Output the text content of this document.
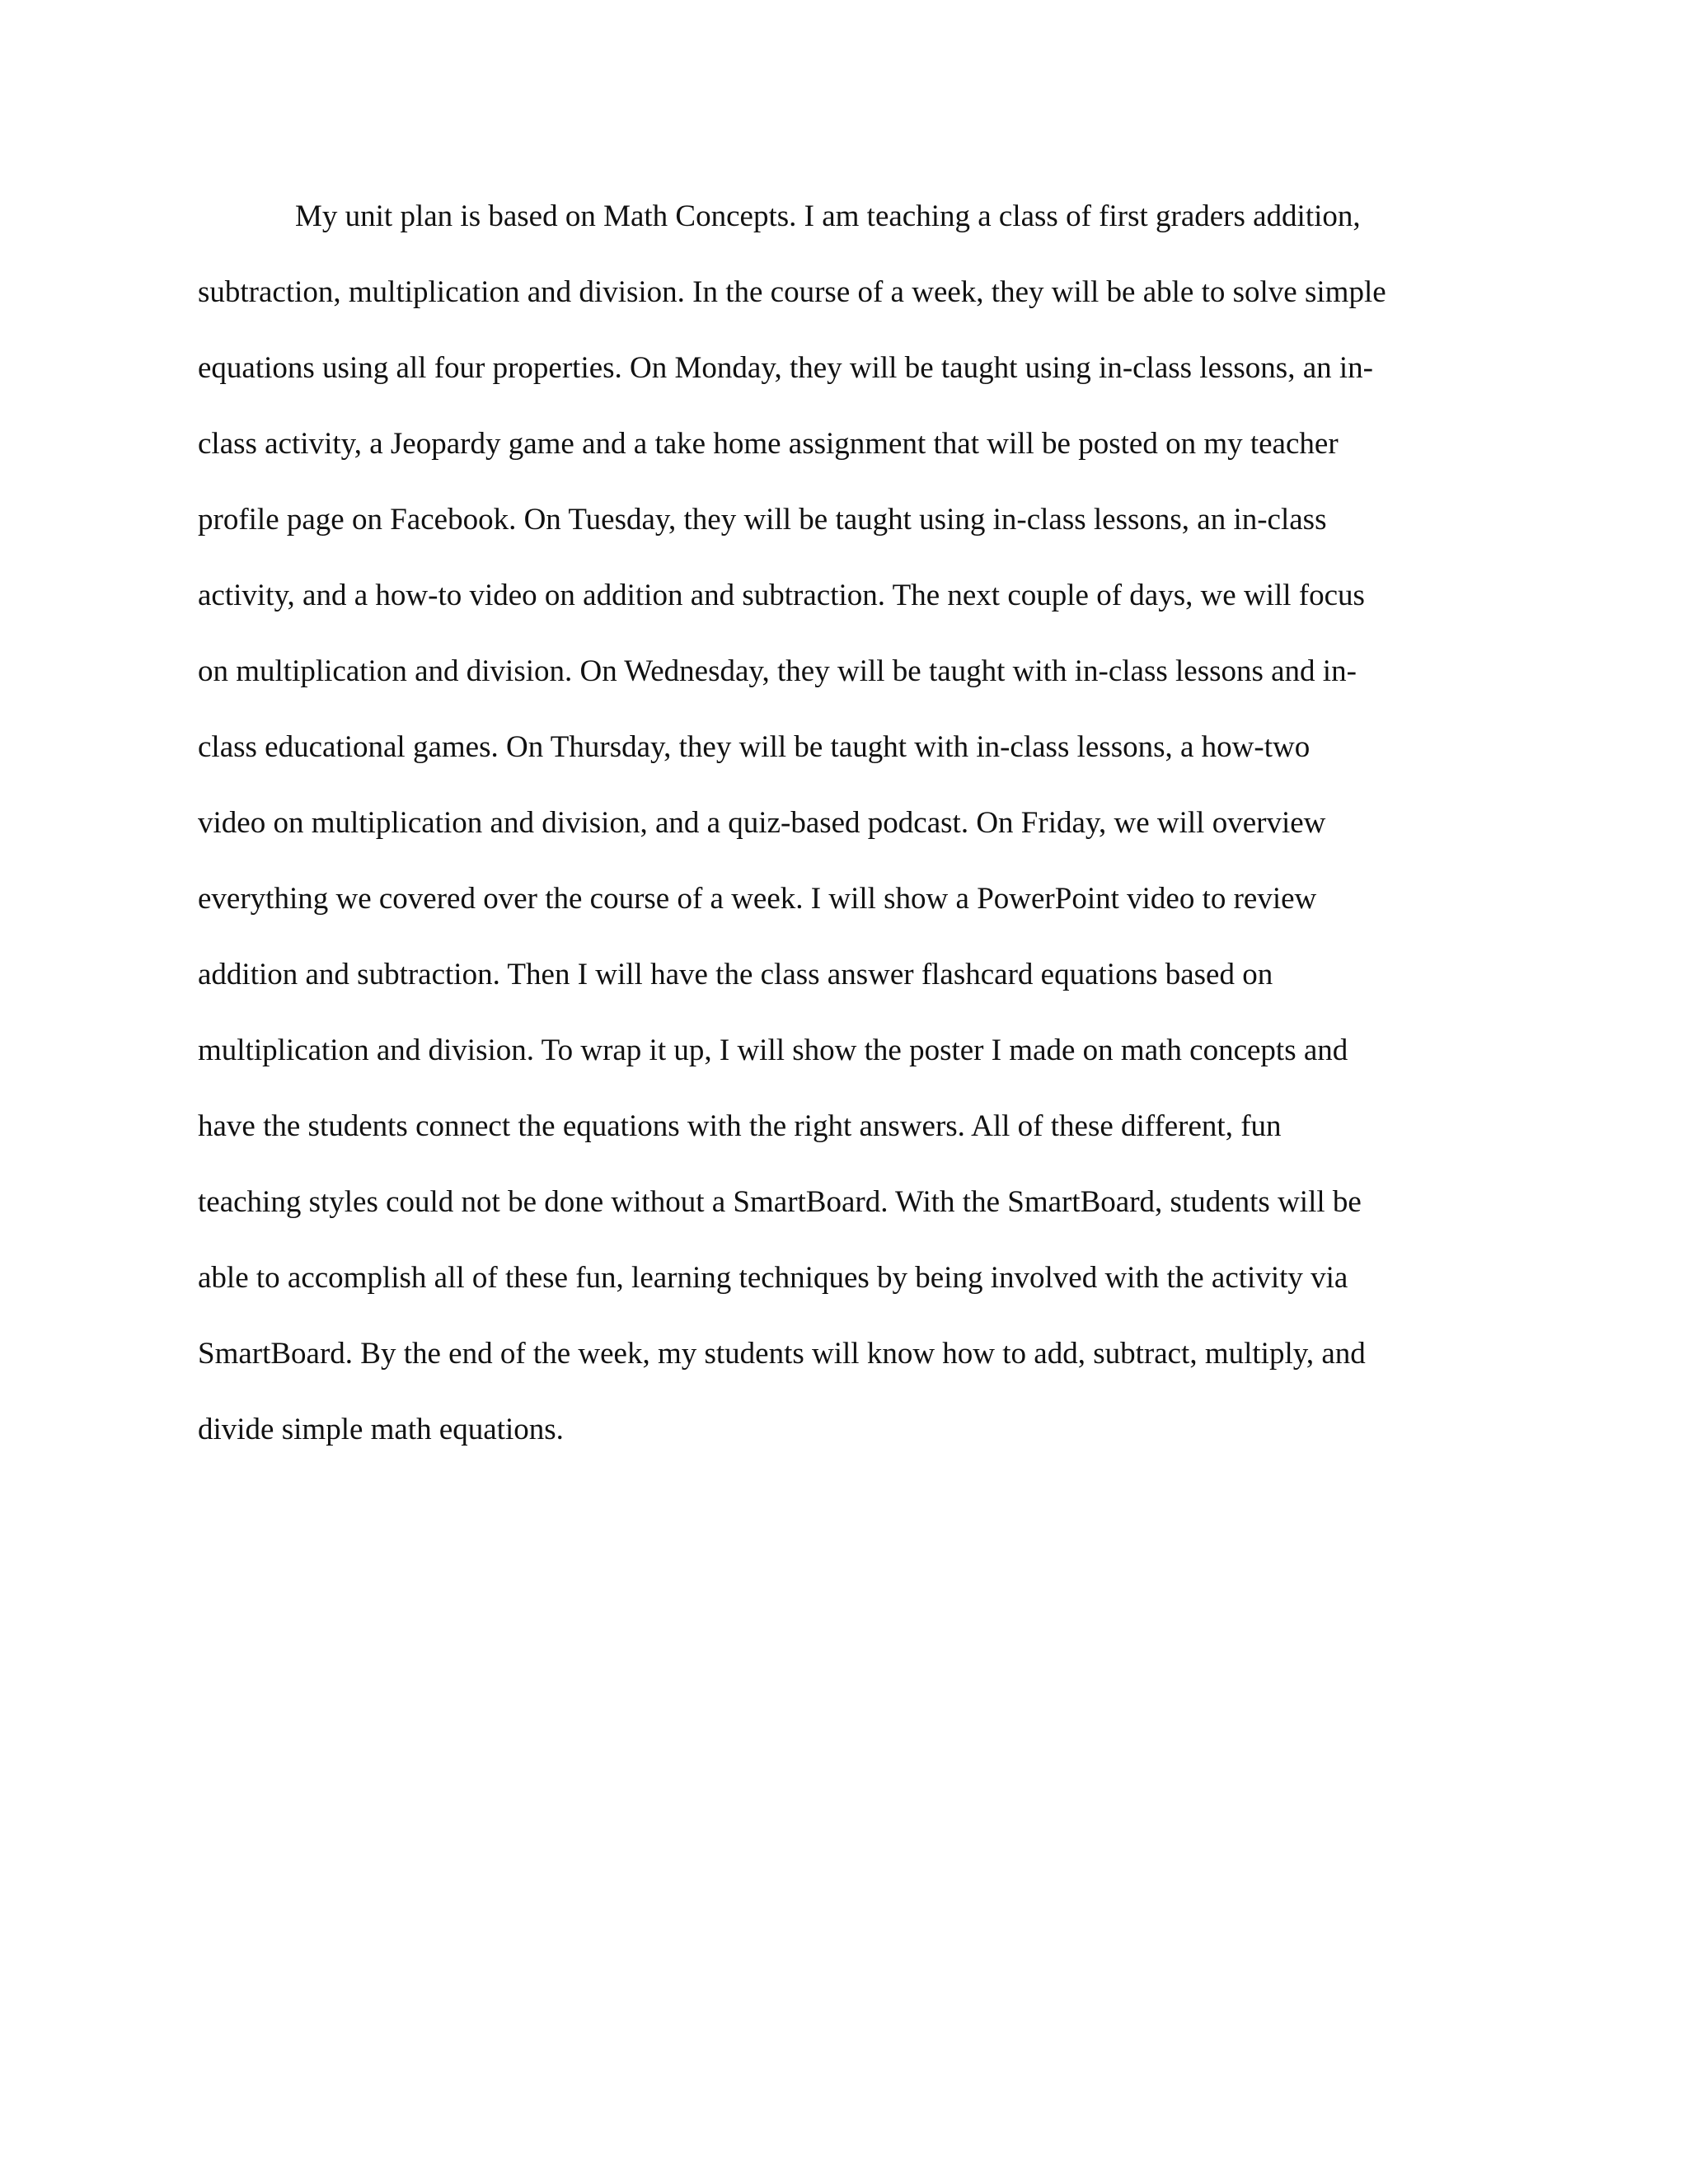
My unit plan is based on Math Concepts. I am teaching a class of first graders addition,
subtraction, multiplication and division. In the course of a week, they will be able to solve simple
equations using all four properties. On Monday, they will be taught using in-class lessons, an in-
class activity, a Jeopardy game and a take home assignment that will be posted on my teacher
profile page on Facebook. On Tuesday, they will be taught using in-class lessons, an in-class
activity, and a how-to video on addition and subtraction. The next couple of days, we will focus
on multiplication and division. On Wednesday, they will be taught with in-class lessons and in-
class educational games. On Thursday, they will be taught with in-class lessons, a how-two
video on multiplication and division, and a quiz-based podcast. On Friday, we will overview
everything we covered over the course of a week. I will show a PowerPoint video to review
addition and subtraction. Then I will have the class answer flashcard equations based on
multiplication and division. To wrap it up, I will show the poster I made on math concepts and
have the students connect the equations with the right answers. All of these different, fun
teaching styles could not be done without a SmartBoard. With the SmartBoard, students will be
able to accomplish all of these fun, learning techniques by being involved with the activity via
SmartBoard. By the end of the week, my students will know how to add, subtract, multiply, and
divide simple math equations.
